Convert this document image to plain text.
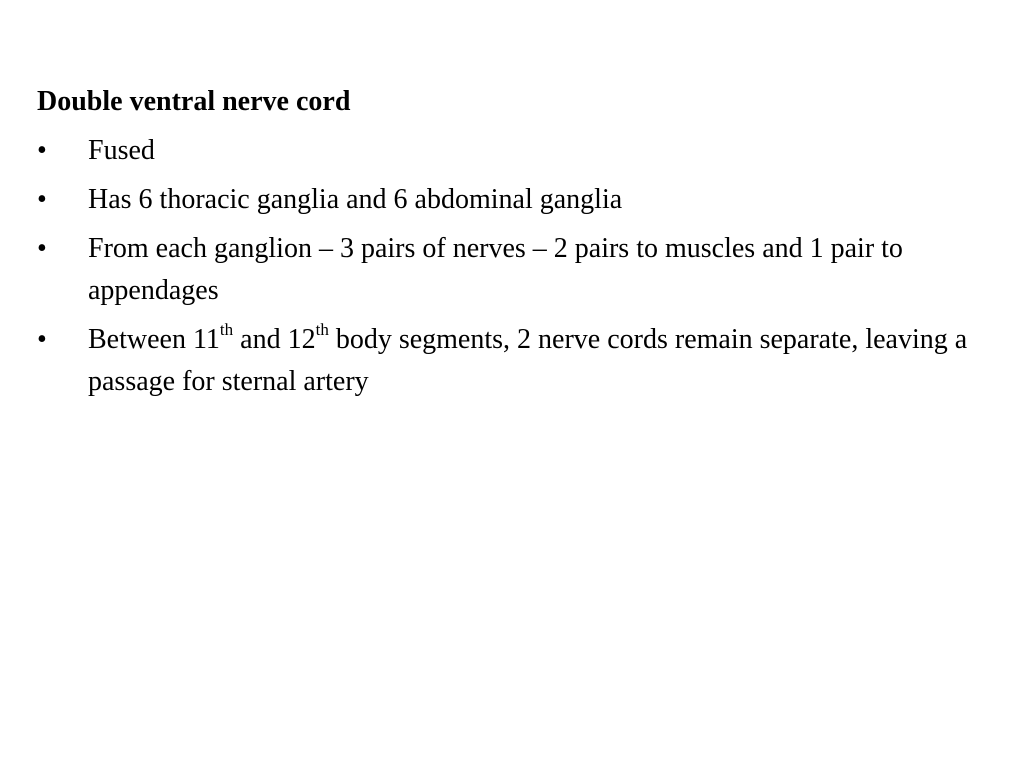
Double ventral nerve cord
• Fused
• Has 6 thoracic ganglia and 6 abdominal ganglia
• From each ganglion – 3 pairs of nerves – 2 pairs to muscles and 1 pair to appendages
• Between 11th and 12th body segments, 2 nerve cords remain separate, leaving a passage for sternal artery
